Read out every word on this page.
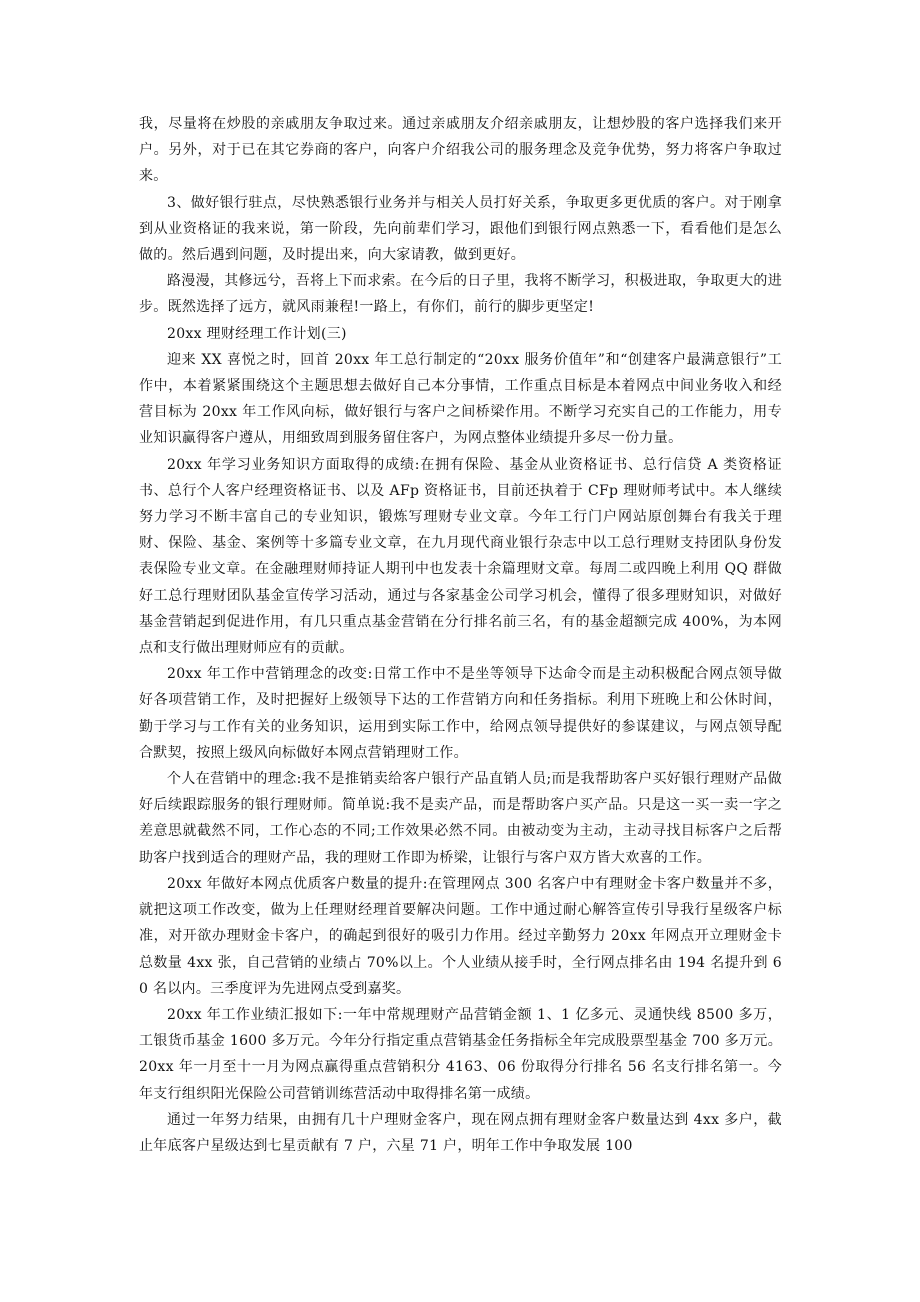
我，尽量将在炒股的亲戚朋友争取过来。通过亲戚朋友介绍亲戚朋友，让想炒股的客户选择我们来开户。另外，对于已在其它券商的客户，向客户介绍我公司的服务理念及竞争优势，努力将客户争取过来。

3、做好银行驻点，尽快熟悉银行业务并与相关人员打好关系，争取更多更优质的客户。对于刚拿到从业资格证的我来说，第一阶段，先向前辈们学习，跟他们到银行网点熟悉一下，看看他们是怎么做的。然后遇到问题，及时提出来，向大家请教，做到更好。

路漫漫，其修远兮，吾将上下而求索。在今后的日子里，我将不断学习，积极进取，争取更大的进步。既然选择了远方，就风雨兼程!一路上，有你们，前行的脚步更坚定!

20xx 理财经理工作计划(三)

迎来 XX 喜悦之时，回首 20xx 年工总行制定的“20xx 服务价值年”和“创建客户最满意银行”工作中，本着紧紧围绕这个主题思想去做好自己本分事情，工作重点目标是本着网点中间业务收入和经营目标为 20xx 年工作风向标，做好银行与客户之间桥梁作用。不断学习充实自己的工作能力，用专业知识赢得客户遵从，用细致周到服务留住客户，为网点整体业绩提升多尽一份力量。

20xx 年学习业务知识方面取得的成绩:在拥有保险、基金从业资格证书、总行信贷 A 类资格证书、总行个人客户经理资格证书、以及 AFp 资格证书，目前还执着于 CFp 理财师考试中。本人继续努力学习不断丰富自己的专业知识，锻炼写理财专业文章。今年工行门户网站原创舞台有我关于理财、保险、基金、案例等十多篇专业文章，在九月现代商业银行杂志中以工总行理财支持团队身份发表保险专业文章。在金融理财师持证人期刊中也发表十余篇理财文章。每周二或四晚上利用 QQ 群做好工总行理财团队基金宣传学习活动，通过与各家基金公司学习机会，懂得了很多理财知识，对做好基金营销起到促进作用，有几只重点基金营销在分行排名前三名，有的基金超额完成 400%，为本网点和支行做出理财师应有的贡献。

20xx 年工作中营销理念的改变:日常工作中不是坐等领导下达命令而是主动积极配合网点领导做好各项营销工作，及时把握好上级领导下达的工作营销方向和任务指标。利用下班晚上和公休时间，勤于学习与工作有关的业务知识，运用到实际工作中，给网点领导提供好的参谋建议，与网点领导配合默契，按照上级风向标做好本网点营销理财工作。

个人在营销中的理念:我不是推销卖给客户银行产品直销人员;而是我帮助客户买好银行理财产品做好后续跟踪服务的银行理财师。简单说:我不是卖产品，而是帮助客户买产品。只是这一买一卖一字之差意思就截然不同，工作心态的不同;工作效果必然不同。由被动变为主动，主动寻找目标客户之后帮助客户找到适合的理财产品，我的理财工作即为桥梁，让银行与客户双方皆大欢喜的工作。

20xx 年做好本网点优质客户数量的提升:在管理网点 300 名客户中有理财金卡客户数量并不多，就把这项工作改变，做为上任理财经理首要解决问题。工作中通过耐心解答宣传引导我行星级客户标准，对开欲办理财金卡客户，的确起到很好的吸引力作用。经过辛勤努力 20xx 年网点开立理财金卡总数量 4xx 张，自己营销的业绩占 70%以上。个人业绩从接手时，全行网点排名由 194 名提升到 60 名以内。三季度评为先进网点受到嘉奖。

20xx 年工作业绩汇报如下:一年中常规理财产品营销金额 1、1 亿多元、灵通快线 8500 多万，工银货币基金 1600 多万元。今年分行指定重点营销基金任务指标全年完成股票型基金 700 多万元。20xx 年一月至十一月为网点赢得重点营销积分 4163、06 份取得分行排名 56 名支行排名第一。今年支行组织阳光保险公司营销训练营活动中取得排名第一成绩。

通过一年努力结果，由拥有几十户理财金客户，现在网点拥有理财金客户数量达到 4xx 多户，截止年底客户星级达到七星贡献有 7 户，六星 71 户，明年工作中争取发展 100
